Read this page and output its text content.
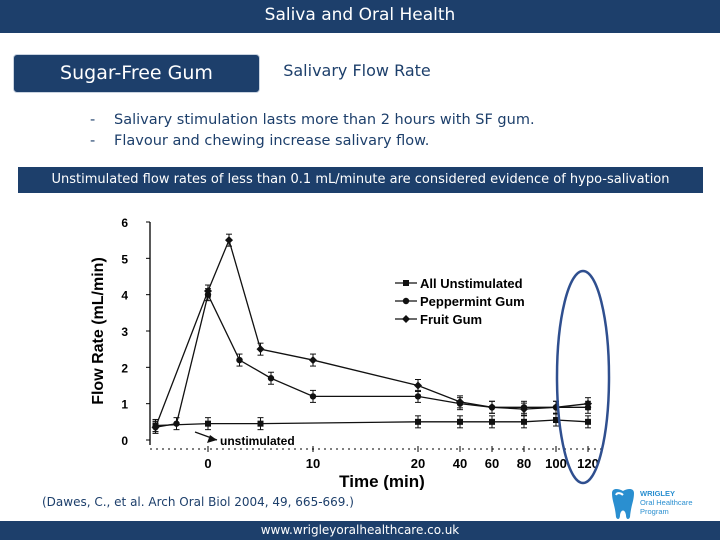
Saliva and Oral Health
Sugar-Free Gum	Salivary Flow Rate
-	Salivary stimulation lasts more than 2 hours with SF gum.
-	Flavour and chewing increase salivary flow.
Unstimulated flow rates of less than 0.1 mL/minute are considered evidence of hypo-salivation
0
1
2
3
4
5
6
Flow Rate (mL/min)
0	10	20 40 60 80 100 120
Time (min)
unstimulated
All Unstimulated
Peppermint Gum
Fruit Gum
(Dawes, C., et al. Arch Oral Biol 2004, 49, 665-669.)
WRIGLEY
Oral Healthcare
Program
www.wrigleyoralhealthcare.co.uk
